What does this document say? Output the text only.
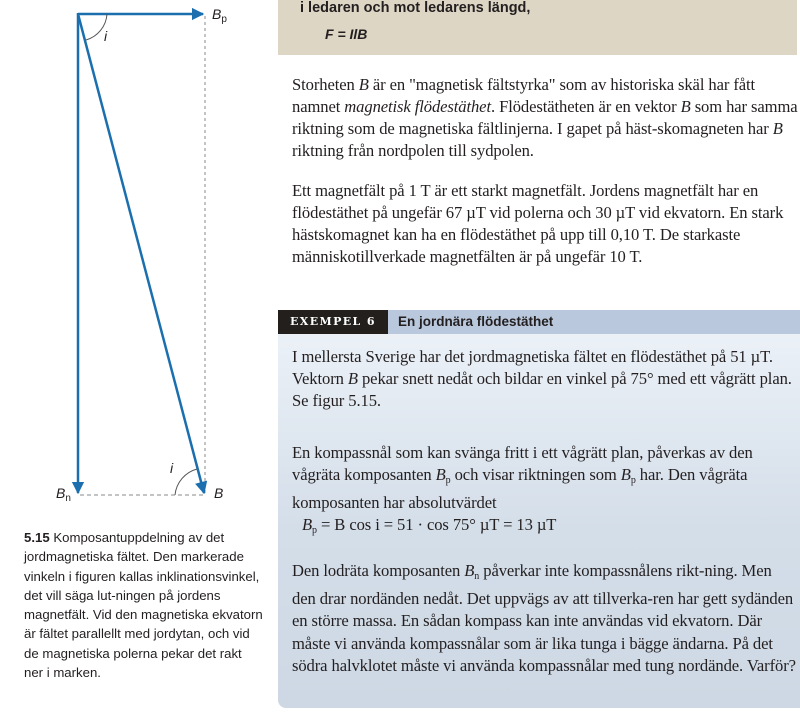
$B_p$
$B_n$	B
i
i
5.15 Komposantuppdelning av det jordmagnetiska fältet. Den markerade vinkeln i figuren kallas inklinationsvinkel, det vill säga lut-ningen på jordens magnetfält. Vid den magnetiska ekvatorn är fältet parallellt med jordytan, och vid de magnetiska polerna pekar det rakt ner i marken.
i ledaren och mot ledarens längd,
F = IlB
Storheten B är en "magnetisk fältstyrka" som av historiska skäl har fått namnet magnetisk flödestäthet. Flödestätheten är en vektor B som har samma riktning som de magnetiska fältlinjerna. I gapet på häst-skomagneten har B riktning från nordpolen till sydpolen.
Ett magnetfält på 1 T är ett starkt magnetfält. Jordens magnetfält har en flödestäthet på ungefär 67 µT vid polerna och 30 µT vid ekvatorn. En stark hästskomagnet kan ha en flödestäthet på upp till 0,10 T. De starkaste människotillverkade magnetfälten är på ungefär 10 T.
EXEMPEL 6	En jordnära flödestäthet
I mellersta Sverige har det jordmagnetiska fältet en flödestäthet på 51 µT. Vektorn B pekar snett nedåt och bildar en vinkel på 75° med ett vågrätt plan. Se figur 5.15.
En kompassnål som kan svänga fritt i ett vågrätt plan, påverkas av den vågräta komposanten $B_p$ och visar riktningen som $B_p$ har. Den vågräta komposanten har absolutvärdet
$B_p = B$ cos i = 51 · cos 75° µT = 13 µT
Den lodräta komposanten $B_n$ påverkar inte kompassnålens rikt-ning. Men den drar nordänden nedåt. Det uppvägs av att tillverka-ren har gett sydänden en större massa. En sådan kompass kan inte användas vid ekvatorn. Där måste vi använda kompassnålar som är lika tunga i bägge ändarna. På det södra halvklotet måste vi använda kompassnålar med tung nordände. Varför?
